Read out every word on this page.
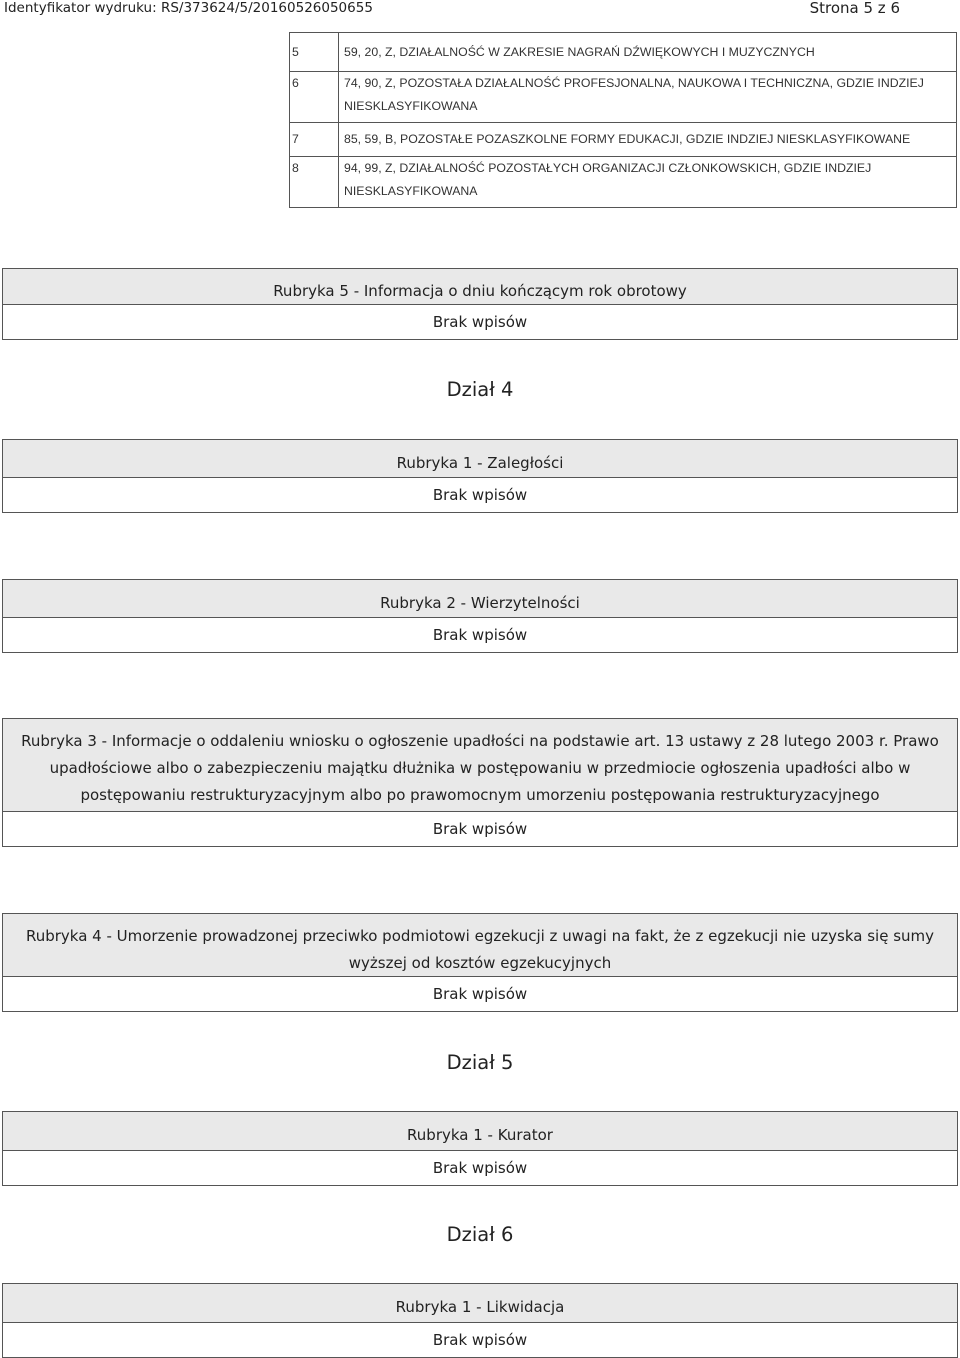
Identyfikator wydruku: RS/373624/5/20160526050655	Strona 5 z 6
5	59, 20, Z, DZIAŁALNOŚĆ W ZAKRESIE NAGRAŃ DŹWIĘKOWYCH I MUZYCZNYCH
6	74, 90, Z, POZOSTAŁA DZIAŁALNOŚĆ PROFESJONALNA, NAUKOWA I TECHNICZNA, GDZIE INDZIEJ NIESKLASYFIKOWANA
7	85, 59, B, POZOSTAŁE POZASZKOLNE FORMY EDUKACJI, GDZIE INDZIEJ NIESKLASYFIKOWANE
8	94, 99, Z, DZIAŁALNOŚĆ POZOSTAŁYCH ORGANIZACJI CZŁONKOWSKICH, GDZIE INDZIEJ NIESKLASYFIKOWANA
Rubryka 5 - Informacja o dniu kończącym rok obrotowy
Brak wpisów
Dział 4
Rubryka 1 - Zaległości
Brak wpisów
Rubryka 2 - Wierzytelności
Brak wpisów
Rubryka 3 - Informacje o oddaleniu wniosku o ogłoszenie upadłości na podstawie art. 13 ustawy z 28 lutego 2003 r. Prawo upadłościowe albo o zabezpieczeniu majątku dłużnika w postępowaniu w przedmiocie ogłoszenia upadłości albo w postępowaniu restrukturyzacyjnym albo po prawomocnym umorzeniu postępowania restrukturyzacyjnego
Brak wpisów
Rubryka 4 - Umorzenie prowadzonej przeciwko podmiotowi egzekucji z uwagi na fakt, że z egzekucji nie uzyska się sumy wyższej od kosztów egzekucyjnych
Brak wpisów
Dział 5
Rubryka 1 - Kurator
Brak wpisów
Dział 6
Rubryka 1 - Likwidacja
Brak wpisów
